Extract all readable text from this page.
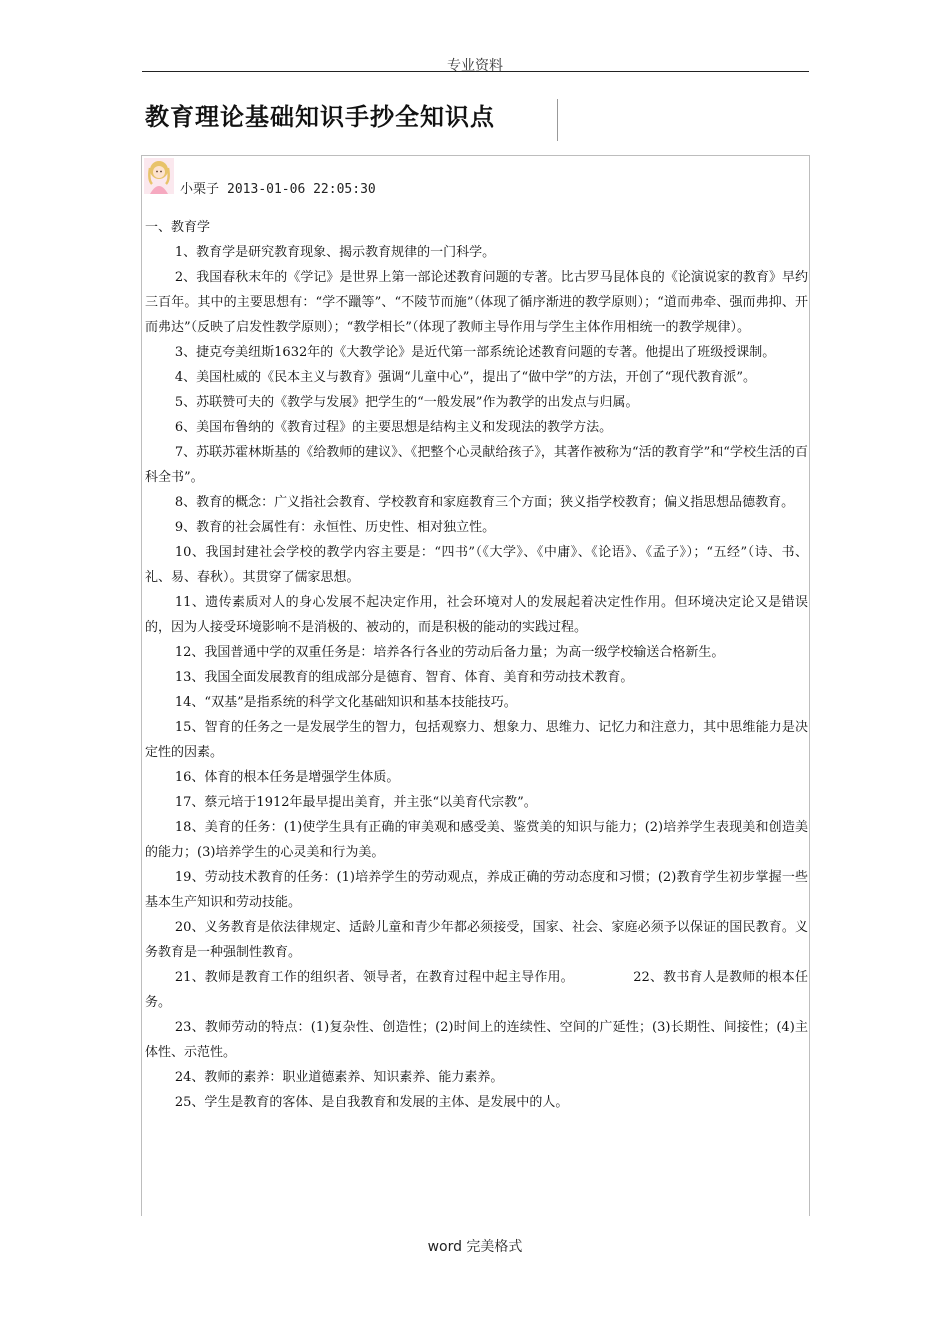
专业资料
教育理论基础知识手抄全知识点
小栗子 2013-01-06 22:05:30

一、教育学

1、教育学是研究教育现象、揭示教育规律的一门科学。

2、我国春秋末年的《学记》是世界上第一部论述教育问题的专著。比古罗马昆体良的《论演说家的教育》早约三百年。其中的主要思想有：“学不躐等”、“不陵节而施”（体现了循序渐进的教学原则）；“道而弗牵、强而弗抑、开而弗达”（反映了启发性教学原则）；“教学相长”（体现了教师主导作用与学生主体作用相统一的教学规律）。

3、捷克夸美纽斯1632年的《大教学论》是近代第一部系统论述教育问题的专著。他提出了班级授课制。

4、美国杜威的《民本主义与教育》强调“儿童中心”，提出了“做中学”的方法，开创了“现代教育派”。

5、苏联赞可夫的《教学与发展》把学生的“一般发展”作为教学的出发点与归属。

6、美国布鲁纳的《教育过程》的主要思想是结构主义和发现法的教学方法。

7、苏联苏霍林斯基的《给教师的建议》、《把整个心灵献给孩子》，其著作被称为“活的教育学”和“学校生活的百科全书”。

8、教育的概念：广义指社会教育、学校教育和家庭教育三个方面；狭义指学校教育；偏义指思想品德教育。

9、教育的社会属性有：永恒性、历史性、相对独立性。

10、我国封建社会学校的教学内容主要是：“四书”（《大学》、《中庸》、《论语》、《孟子》）；“五经”（诗、书、礼、易、春秋）。其贯穿了儒家思想。

11、遗传素质对人的身心发展不起决定作用，社会环境对人的发展起着决定性作用。但环境决定论又是错误的，因为人接受环境影响不是消极的、被动的，而是积极的能动的实践过程。

12、我国普通中学的双重任务是：培养各行各业的劳动后备力量；为高一级学校输送合格新生。

13、我国全面发展教育的组成部分是德育、智育、体育、美育和劳动技术教育。

14、“双基”是指系统的科学文化基础知识和基本技能技巧。

15、智育的任务之一是发展学生的智力，包括观察力、想象力、思维力、记忆力和注意力，其中思维能力是决定性的因素。

16、体育的根本任务是增强学生体质。

17、蔡元培于1912年最早提出美育，并主张“以美育代宗教”。

18、美育的任务：(1)使学生具有正确的审美观和感受美、鉴赏美的知识与能力；(2)培养学生表现美和创造美的能力；(3)培养学生的心灵美和行为美。

19、劳动技术教育的任务：(1)培养学生的劳动观点，养成正确的劳动态度和习惯；(2)教育学生初步掌握一些基本生产知识和劳动技能。

20、义务教育是依法律规定、适龄儿童和青少年都必须接受，国家、社会、家庭必须予以保证的国民教育。义务教育是一种强制性教育。

21、教师是教育工作的组织者、领导者，在教育过程中起主导作用。　　　　　22、教书育人是教师的根本任务。

23、教师劳动的特点：(1)复杂性、创造性；(2)时间上的连续性、空间的广延性；(3)长期性、间接性；(4)主体性、示范性。

24、教师的素养：职业道德素养、知识素养、能力素养。

25、学生是教育的客体、是自我教育和发展的主体、是发展中的人。

word 完美格式
